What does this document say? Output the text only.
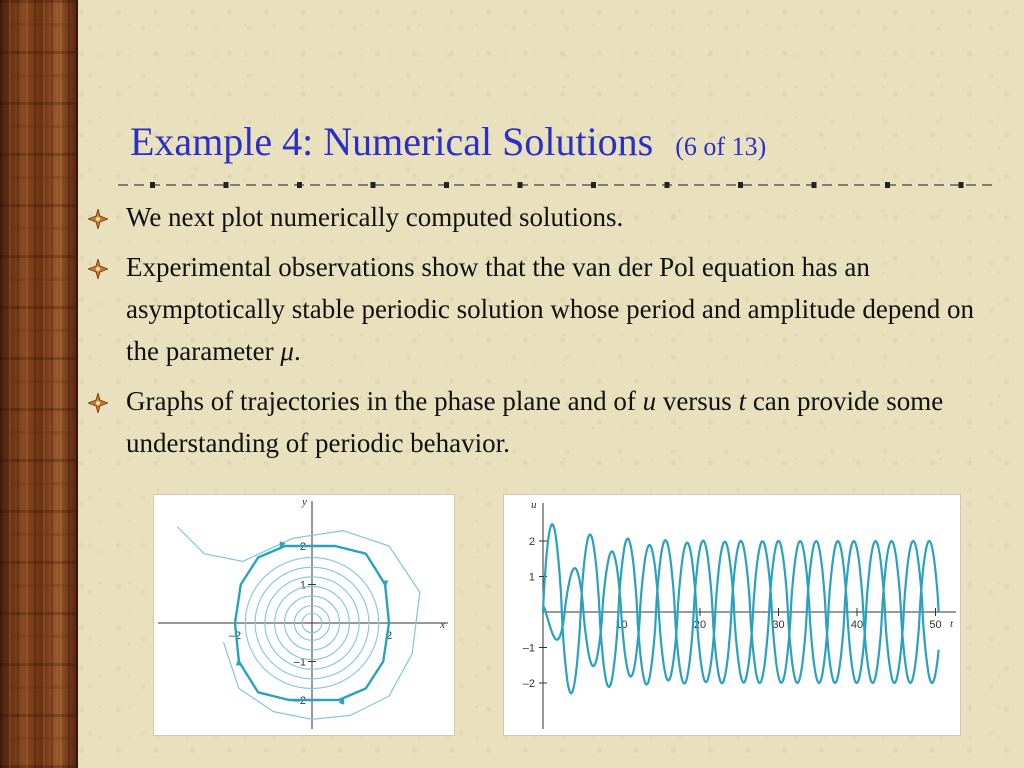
Example 4: Numerical Solutions (6 of 13)
We next plot numerically computed solutions.
Experimental observations show that the van der Pol equation has an asymptotically stable periodic solution whose period and amplitude depend on the parameter μ.
Graphs of trajectories in the phase plane and of u versus t can provide some understanding of periodic behavior.
x
y
–2	2
–2
–1
1
2
t
u
10	20	30	40	50
–2
–1
1
2
